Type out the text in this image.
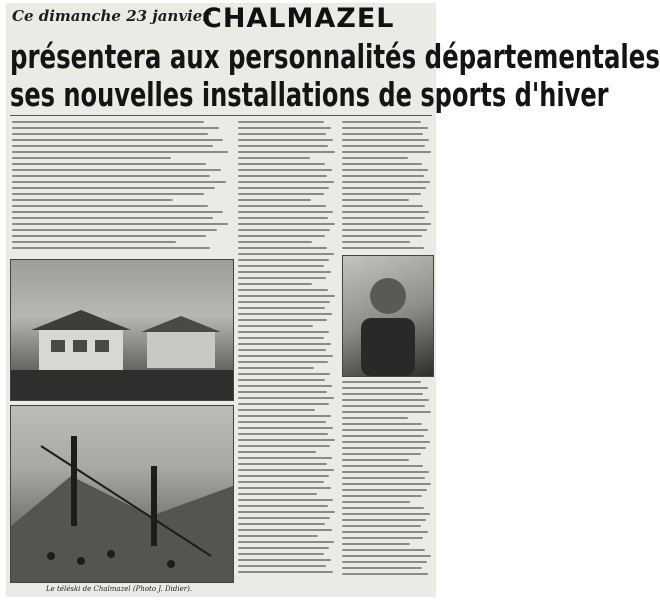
Ce dimanche 23 janvier
CHALMAZEL
présentera aux personnalités départementales
ses nouvelles installations de sports d'hiver
Le téléski de Chalmazel (Photo J. Didier).
